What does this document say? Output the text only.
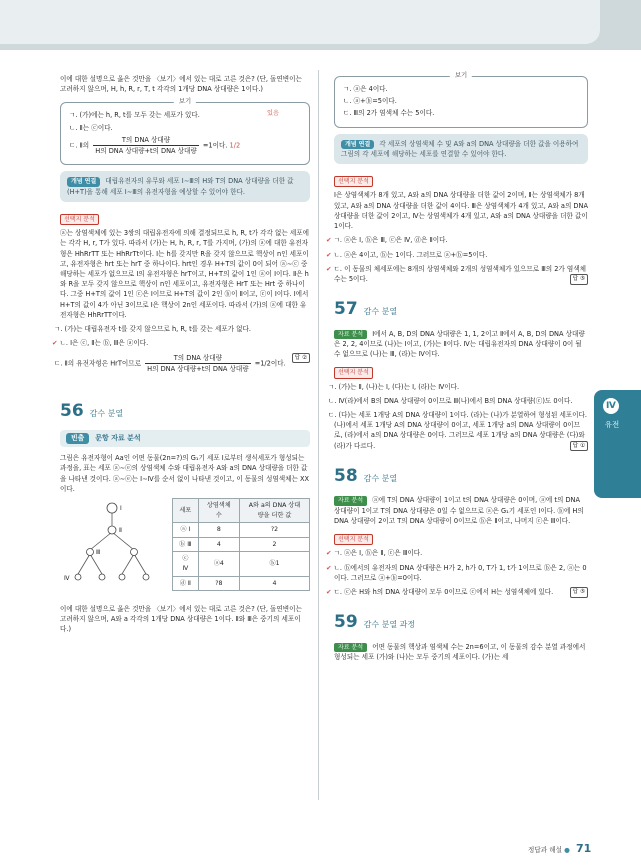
이에 대한 설명으로 옳은 것만을 〈보기〉에서 있는 대로 고른 것은? (단, 돌연변이는 고려하지 않으며, H, h, R, r, T, t 각각의 1개당 DNA 상대량은 1이다.)

보기
ㄱ. (가)에는 h, R, t를 모두 갖는 세포가 있다.
ㄴ. Ⅱ는 ⓒ이다.
ㄷ. Ⅱ의 $\frac{\text{T의 DNA 상대량}}{\text{H의 DNA 상대량+t의 DNA 상대량}} =1$이다. 1/2
있음
개념 연결 대립유전자의 유무와 세포 Ⅰ∼Ⅲ의 H와 T의 DNA 상대량을 더한 값(H+T)을 통해 세포 Ⅰ∼Ⅲ의 유전자형을 예상할 수 있어야 한다.
선택지 분석

ⓐ는 상염색체에 있는 3쌍의 대립유전자에 의해 결정되므로 h, R, t가 각각 없는 세포에는 각각 H, r, T가 있다. 따라서 (가)는 H, h, R, r, T를 가지며, (가)의 ⓐ에 대한 유전자형은 HhRrTT 또는 HhRrTt이다. Ⅰ는 h를 갖지만 R을 갖지 않으므로 핵상이 n인 세포이고, 유전자형은 hrt 또는 hrT 중 하나이다. hrt인 경우 H+T의 값이 0이 되어 ⓐ∼ⓒ 중 해당하는 세포가 없으므로 Ⅰ의 유전자형은 hrT이고, H+T의 값이 1인 ⓐ이 Ⅰ이다. Ⅱ은 h와 R을 모두 갖지 않으므로 핵상이 n인 세포이고, 유전자형은 HrT 또는 Hrt 중 하나이다. 그중 H+T의 값이 1인 ⓒ은 Ⅰ이므로 H+T의 값이 2인 ⓑ이 Ⅱ이고, ⓒ이 Ⅰ이다. Ⅰ에서 H+T의 값이 4가 아닌 3이므로 Ⅰ은 핵상이 2n인 세포이다. 따라서 (가)의 ⓐ에 대한 유전자형은 HhRrTT이다.

ㄱ. (가)는 대립유전자 t를 갖지 않으므로 h, R, t를 갖는 세포가 없다.

✔ ㄴ. Ⅰ은 ⓒ, Ⅱ는 ⓑ, Ⅲ은 ⓐ이다.

ㄷ. Ⅱ의 유전자형은 HrT이므로 $\frac{\text{T의 DNA 상대량}}{\text{H의 DNA 상대량+t의 DNA 상대량}} =1/2$이다.
답 ②

56 감수 분열
빈출 문항 자료 분석

그림은 유전자형이 Aa인 어떤 동물(2n=?)의 G₁기 세포 Ⅰ로부터 생식세포가 형성되는 과정을, 표는 세포 ⓐ∼ⓔ의 상염색체 수와 대립유전자 A와 a의 DNA 상대량을 더한 값을 나타낸 것이다. ⓐ∼ⓔ는 Ⅰ∼Ⅳ를 순서 없이 나타낸 것이고, 이 동물의 성염색체는 XX이다.

Ⅰ
Ⅱ
Ⅲ
Ⅳ
세포	상염색체 수	A와 a의 DNA 상대량을 더한 값
ⓐ Ⅰ	8	?2
ⓑ Ⅲ	4	2
ⓒ Ⅳ	ⓐ4	ⓑ1
ⓓ Ⅱ	?8	4

이에 대한 설명으로 옳은 것만을 〈보기〉에서 있는 대로 고른 것은? (단, 돌연변이는 고려하지 않으며, A와 a 각각의 1개당 DNA 상대량은 1이다. Ⅱ와 Ⅲ은 중기의 세포이다.)

보기
ㄱ. ⓐ은 4이다.
ㄴ. ⓐ+ⓑ=5이다.
ㄷ. Ⅲ의 2가 염색체 수는 5이다.
개념 연결 각 세포의 상염색체 수 및 A와 a의 DNA 상대량을 더한 값을 이용하여 그림의 각 세포에 해당하는 세포를 연결할 수 있어야 한다.
선택지 분석

Ⅰ은 상염색체가 8개 있고, A와 a의 DNA 상대량을 더한 값이 2이며, Ⅱ는 상염색체가 8개 있고, A와 a의 DNA 상대량을 더한 값이 4이다. Ⅲ은 상염색체가 4개 있고, A와 a의 DNA 상대량을 더한 값이 2이고, Ⅳ는 상염색체가 4개 있고, A와 a의 DNA 상대량을 더한 값이 1이다.

✔ ㄱ. ⓐ은 Ⅰ, ⓑ은 Ⅲ, ⓒ은 Ⅳ, ⓓ은 Ⅱ이다.

✔ ㄴ. ⓐ은 4이고, ⓑ는 1이다. 그러므로 ⓐ+ⓑ=5이다.

✔ ㄷ. 이 동물의 체세포에는 8개의 상염색체와 2개의 성염색체가 있으므로 Ⅲ의 2가 염색체 수는 5이다.	답 ⑤

57 감수 분열

자료 분석 Ⅰ에서 A, B, D의 DNA 상대량은 1, 1, 2이고 Ⅱ에서 A, B, D의 DNA 상대량은 2, 2, 4이므로 (나)는 Ⅰ이고, (가)는 Ⅱ이다. Ⅳ는 대립유전자의 DNA 상대량이 0이 될 수 없으므로 (나)는 Ⅲ, (라)는 Ⅳ이다.

선택지 분석

ㄱ. (가)는 Ⅱ, (나)는 Ⅰ, (다)는 Ⅰ, (라)는 Ⅳ이다.

ㄴ. Ⅳ(라)에서 B의 DNA 상대량이 0이므로 Ⅲ(나)에서 B의 DNA 상대량(ⓒ)도 0이다.

ㄷ. (다)는 세포 1개당 A의 DNA 상대량이 1이다. (라)는 (나)가 분열하여 형성된 세포이다. (나)에서 세포 1개당 A의 DNA 상대량이 0이고, 세포 1개당 a의 DNA 상대량이 0이므로, (라)에서 a의 DNA 상대량은 0이다. 그러므로 세포 1개당 a의 DNA 상대량은 (다)와 (라)가 다르다.	답 ①

58 감수 분열

자료 분석 ⓐ에 T의 DNA 상대량이 1이고 t의 DNA 상대량은 0이며, ⓐ에 t의 DNA 상대량이 1이고 T의 DNA 상대량은 0일 수 없으므로 ⓐ은 G₁기 세포인 Ⅰ이다. ⓑ에 H의 DNA 상대량이 2이고 T의 DNA 상대량이 0이므로 ⓑ은 Ⅱ이고, 나머지 ⓒ은 Ⅲ이다.

선택지 분석

✔ ㄱ. ⓐ은 Ⅰ, ⓑ은 Ⅱ, ⓒ은 Ⅲ이다.

✔ ㄴ. ⓑ에서의 유전자의 DNA 상대량은 H가 2, h가 0, T가 1, t가 1이므로 ⓑ은 2, ⓐ는 0이다. 그러므로 ⓐ+ⓑ=0이다.

✔ ㄷ. ⓒ은 H와 h의 DNA 상대량이 모두 0이므로 ⓒ에서 H는 성염색체에 있다.	답 ⑤

59 감수 분열 과정

자료 분석 어떤 동물의 핵상과 염색체 수는 2n=6이고, 이 동물의 감수 분열 과정에서 형성되는 세포 (가)와 (나)는 모두 중기의 세포이다. (가)는 세

Ⅳ
유전
정답과 해설 ● 71
